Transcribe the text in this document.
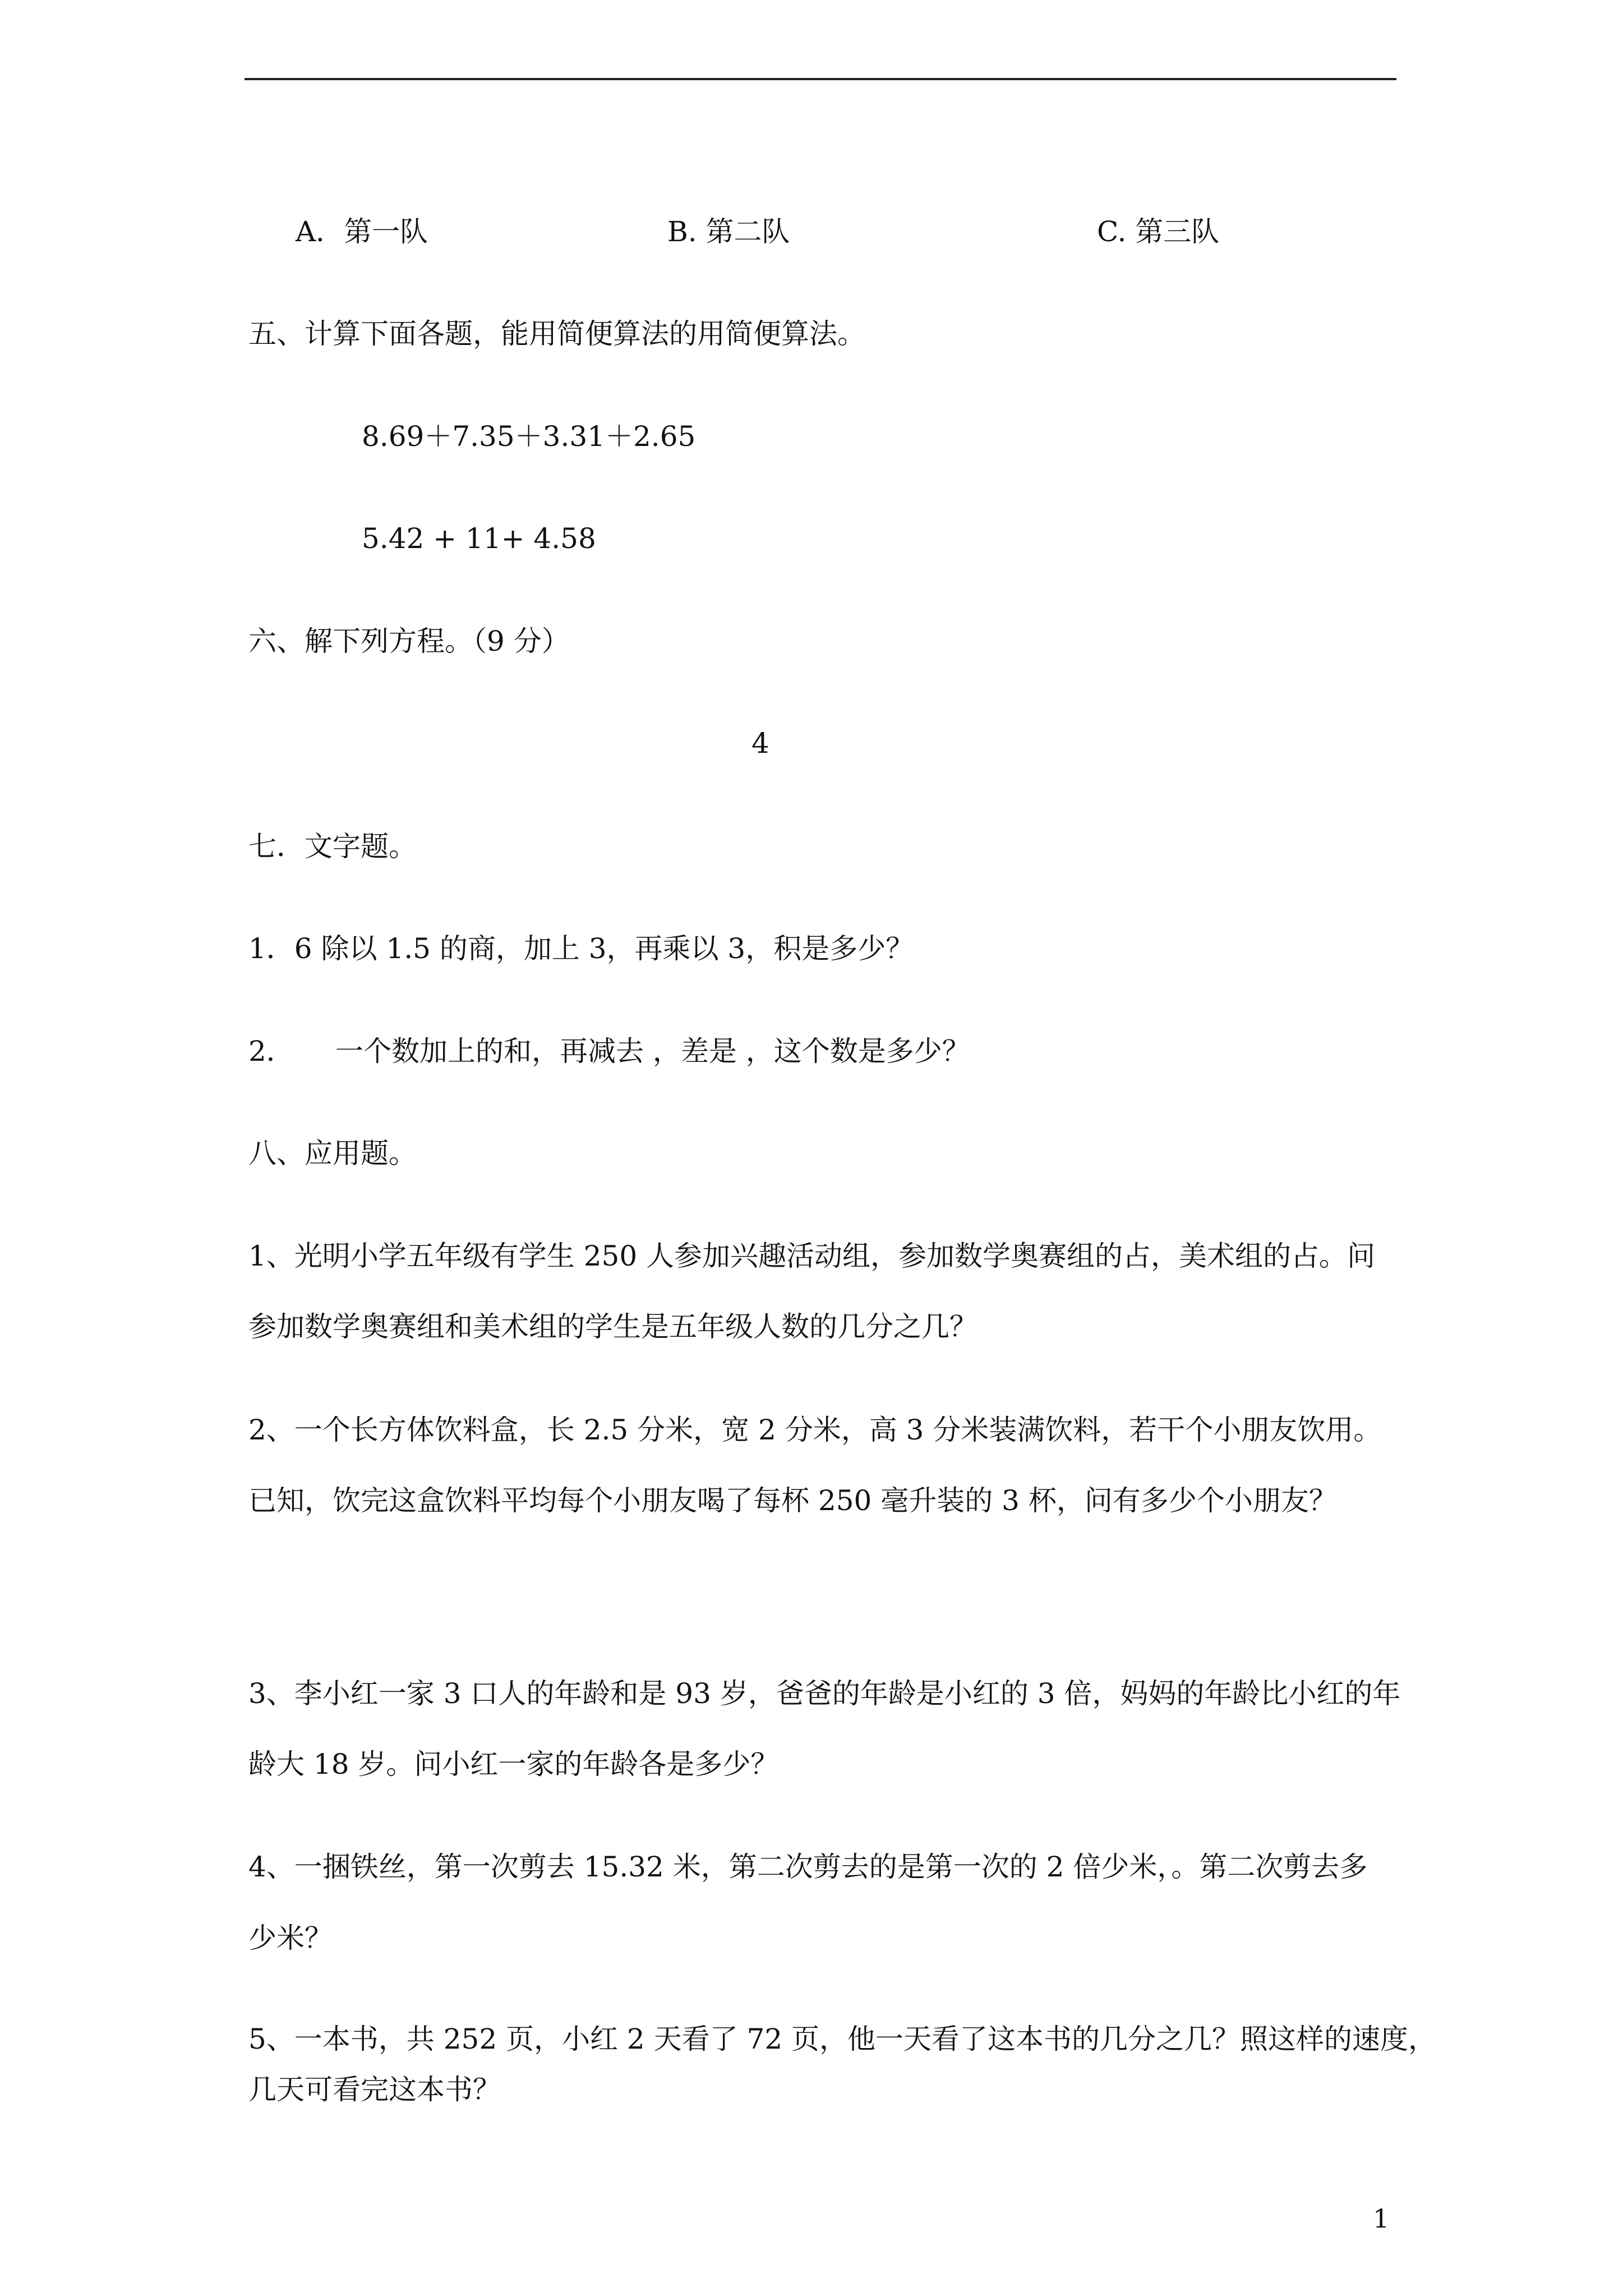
A．第一队	B. 第二队	C. 第三队
五、计算下面各题，能用简便算法的用简便算法。
8.69＋7.35＋3.31＋2.65
5.42 + 11+ 4.58
六、解下列方程。（9 分）
4
七．文字题。
1．6 除以 1.5 的商，加上 3，再乘以 3，积是多少？
2． 一个数加上的和，再减去 ，差是 ，这个数是多少？
八、应用题。
1、光明小学五年级有学生 250 人参加兴趣活动组，参加数学奥赛组的占，美术组的占。问
参加数学奥赛组和美术组的学生是五年级人数的几分之几？
2、一个长方体饮料盒，长 2.5 分米，宽 2 分米，高 3 分米装满饮料，若干个小朋友饮用。
已知，饮完这盒饮料平均每个小朋友喝了每杯 250 毫升装的 3 杯，问有多少个小朋友？
3、李小红一家 3 口人的年龄和是 93 岁，爸爸的年龄是小红的 3 倍，妈妈的年龄比小红的年
龄大 18 岁。问小红一家的年龄各是多少？
4、一捆铁丝，第一次剪去 15.32 米，第二次剪去的是第一次的 2 倍少米，。第二次剪去多
少米？
5、一本书，共 252 页，小红 2 天看了 72 页，他一天看了这本书的几分之几？照这样的速度，
几天可看完这本书？
1
